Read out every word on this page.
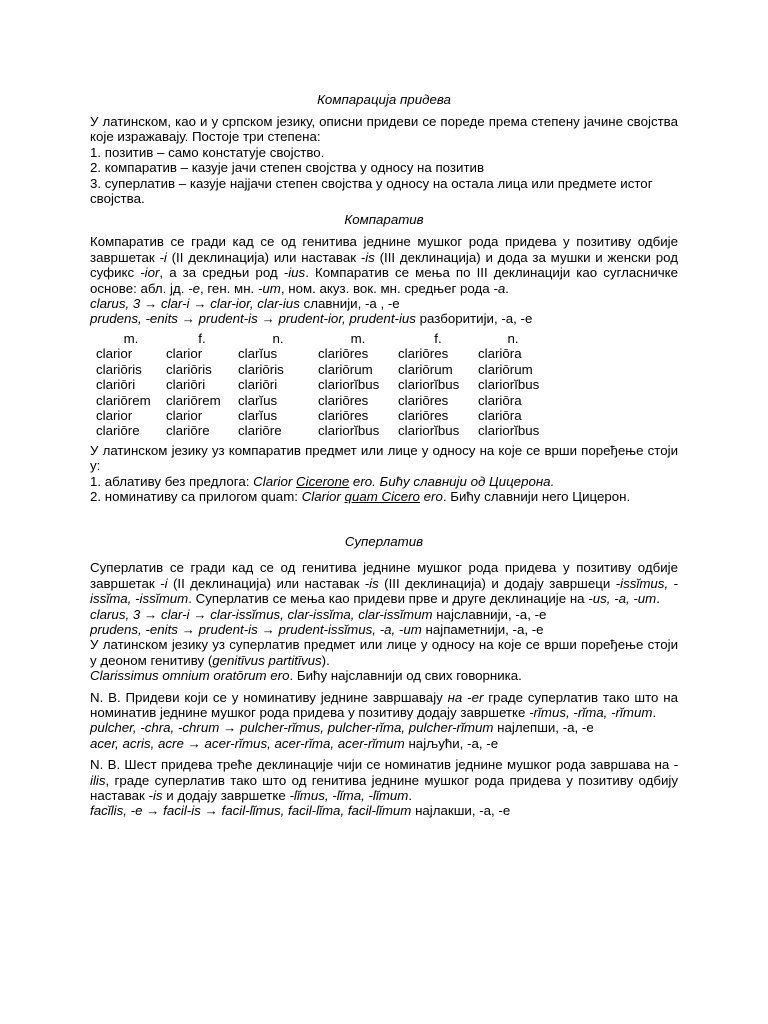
Компарација придева

У латинском, као и у српском језику, описни придеви се пореде према степену јачине својства које изражавају. Постоје три степена:

1. позитив – само констатује својство.
2. компаратив – казује јачи степен својства у односу на позитив
3. суперлатив – казује најјачи степен својства у односу на остала лица или предмете истог својства.

Компаратив

Компаратив се гради кад се од генитива једнине мушког рода придева у позитиву одбије завршетак -i (II деклинација) или наставак -is (III деклинација) и дода за мушки и женски род суфикс -ior, а за средњи род -ius. Компаратив се мења по III деклинацији као сугласничке основе: абл. јд. -e, ген. мн. -um, ном. акуз. вок. мн. средњег рода -a.

clarus, 3 → clar-i → clar-ior, clar-ius славнији, -а , -е

prudens, -enits → prudent-is → prudent-ior, prudent-ius разборитији, -а, -е

m.	f.	n.	m.	f.	n.

clarior	clarior	clarĭus	clariōres	clariōres	clariōra

clariōris	clariōris	clariōris	clariōrum	clariōrum	clariōrum

clariōri	clariōri	clariōri	clariorĭbus	clariorĭbus	clariorĭbus

clariōrem	clariōrem	clarĭus	clariōres	clariōres	clariōra

clarior	clarior	clarĭus	clariōres	clariōres	clariōra

clariōre	clariōre	clariōre	clariorĭbus	clariorĭbus	clariorĭbus

У латинском језику уз компаратив предмет или лице у односу на које се врши поређење стоји у:

1. аблативу без предлога: Clarior Cicerone ero. Бићу славнији од Цицерона.
2. номинативу са прилогом quam: Clarior quam Cicero ero. Бићу славнији него Цицерон.

Суперлатив

Суперлатив се гради кад се од генитива једнине мушког рода придева у позитиву одбије завршетак -i (II деклинација) или наставак -is (III деклинација) и додају завршеци -issĭmus, -issĭma, -issĭmum. Суперлатив се мења као придеви прве и друге деклинације на -us, -a, -um.

clarus, 3 → clar-i → clar-issĭmus, clar-issĭma, clar-issĭmum најславнији, -а, -е

prudens, -enits → prudent-is → prudent-issĭmus, -a, -um најпаметнији, -а, -е

У латинском језику уз суперлатив предмет или лице у односу на које се врши поређење стоји у деоном генитиву (genitīvus partitīvus).

Clarissimus omnium oratōrum ero. Бићу најславнији од свих говорника.

N. B. Придеви који се у номинативу једнине завршавају на -er граде суперлатив тако што на номинатив једнине мушког рода придева у позитиву додају завршетке -rĭmus, -rĭma, -rĭmum.

pulcher, -chra, -chrum → pulcher-rĭmus, pulcher-rĭma, pulcher-rĭmum најлепши, -а, -е

acer, acris, acre → acer-rĭmus, acer-rĭma, acer-rĭmum најљући, -а, -е

N. B. Шест придева треће деклинације чији се номинатив једнине мушког рода завршава на -ilis, граде суперлатив тако што од генитива једнине мушког рода придева у позитиву одбију наставак -is и додају завршетке -lĭmus, -lĭma, -lĭmum.

facĭlis, -e → facil-is → facil-lĭmus, facil-lĭma, facil-lĭmum најлакши, -а, -е
